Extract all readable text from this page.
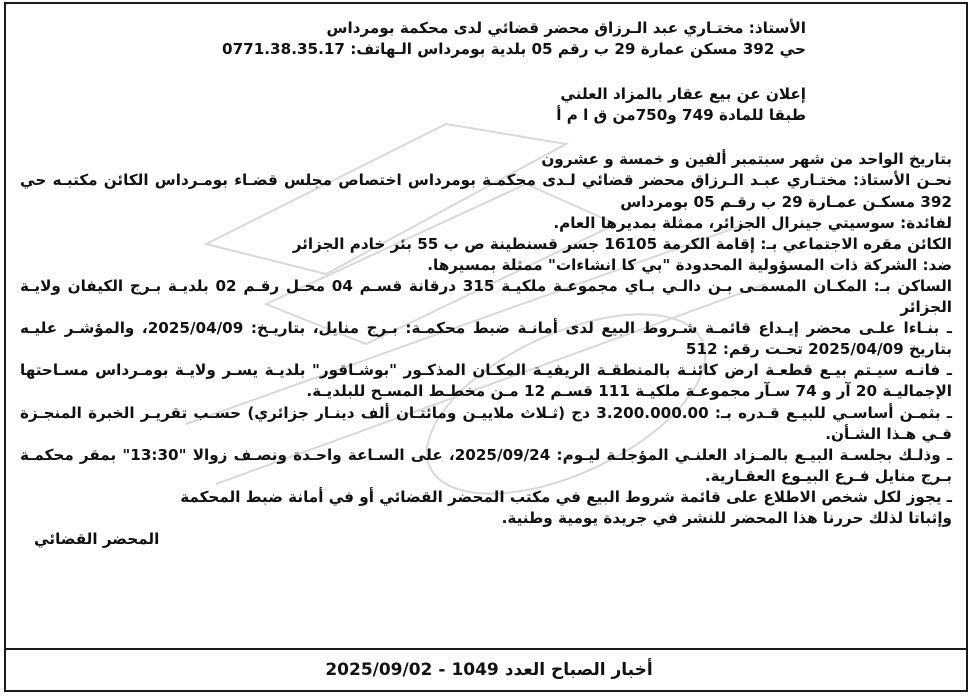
الأستاذ: مختـاري عبد الـرزاق محضر قضائي لدى محكمة بومرداس

حي 392 مسكن عمارة 29 ب رقم 05 بلدية بومرداس الـهاتف: 0771.38.35.17

إعلان عن بيع عقار بالمزاد العلني

طبقا للمادة 749 و750من ق ا م أ

بتاريخ الواحد من شهر سبتمبر ألفين و خمسة و عشرون

نحـن الأستاذ: مختـاري عبـد الـرزاق محضر قضائي لـدى محكمـة بومرداس اختصاص مجلس قضـاء بومـرداس الكائن مكتبـه حي 392 مسكـن عمـارة 29 ب رقـم 05 بومرداس

لفائدة: سوسيتي جينرال الجزائر، ممثلة بمديرها العام.

الكائن مقره الاجتماعي بـ: إقامة الكرمة 16105 جسر قسنطينة ص ب 55 بئر خادم الجزائر

ضد: الشركة ذات المسؤولية المحدودة "بي كا انشاءات" ممثلة بمسيرها.

الساكن بـ: المكـان المسمـى بـن دالـي بـاي مجموعـة ملكيـة 315 درقانة قسـم 04 محـل رقـم 02 بلديـة بـرج الكيفان ولايـة الجزائر

ـ بنـاءا علـى محضر إيـداع قائمـة شـروط البيع لدى أمانـة ضبط محكمـة: بـرج منايل، بتاريـخ: 2025/04/09، والمؤشـر عليـه بتاريخ 2025/04/09 تحـت رقم: 512

ـ فانـه سيـتم بيـع قطعـة ارض كائنـة بالمنطقـة الريفيـة المكـان المذكـور "بوشـاقور" بلديـة يسـر ولايـة بومـرداس مسـاحتها الإجماليـة 20 آر و 74 سـآر مجموعـة ملكيـة 111 قسـم 12 مـن مخطـط المسـح للبلديـة.

ـ بثمـن أساسـي للبيـع قـدره بـ: 3.200.000.00 دج (ثـلاث ملاييـن ومائتـان ألف دينـار جزائري) حسـب تقريـر الخبرة المنجـزة فـي هـذا الشـأن.

ـ وذلـك بجلسـة البيـع بالمـزاد العلنـي المؤجلـة ليـوم: 2025/09/24، على السـاعة واحـدة ونصـف زوالا "13:30" بمقر محكمـة بـرج منايل فـرع البيـوع العقـارية.

ـ يجوز لكل شخص الاطلاع على قائمة شروط البيع في مكتب المحضر القضائي أو في أمانة ضبط المحكمة

وإثباتا لذلك حررنا هذا المحضر للنشر في جريدة يومية وطنية.

المحضر القضائي

أخبار الصباح العدد
1049
-
2025/09/02
